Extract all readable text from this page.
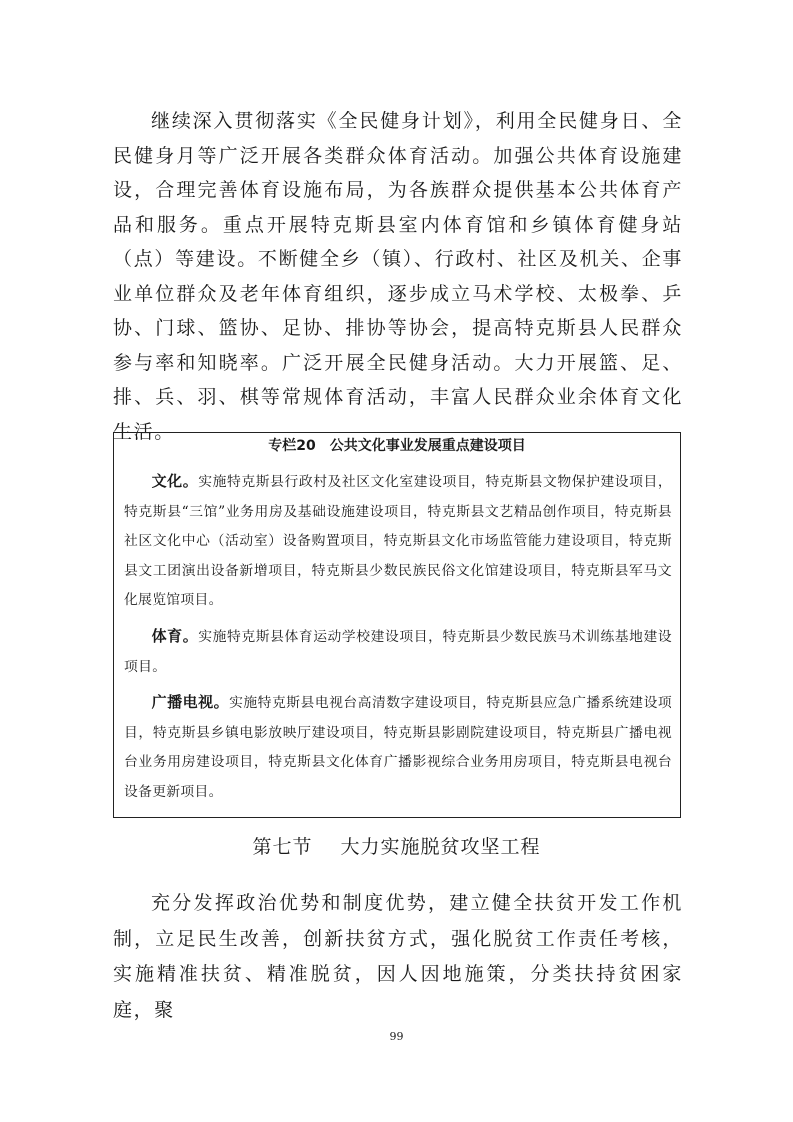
继续深入贯彻落实《全民健身计划》，利用全民健身日、全民健身月等广泛开展各类群众体育活动。加强公共体育设施建设，合理完善体育设施布局，为各族群众提供基本公共体育产品和服务。重点开展特克斯县室内体育馆和乡镇体育健身站（点）等建设。不断健全乡（镇）、行政村、社区及机关、企事业单位群众及老年体育组织，逐步成立马术学校、太极拳、乒协、门球、篮协、足协、排协等协会，提高特克斯县人民群众参与率和知晓率。广泛开展全民健身活动。大力开展篮、足、排、兵、羽、棋等常规体育活动，丰富人民群众业余体育文化生活。

专栏20　公共文化事业发展重点建设项目

文化。实施特克斯县行政村及社区文化室建设项目，特克斯县文物保护建设项目，特克斯县“三馆”业务用房及基础设施建设项目，特克斯县文艺精品创作项目，特克斯县社区文化中心（活动室）设备购置项目，特克斯县文化市场监管能力建设项目，特克斯县文工团演出设备新增项目，特克斯县少数民族民俗文化馆建设项目，特克斯县军马文化展览馆项目。

体育。实施特克斯县体育运动学校建设项目，特克斯县少数民族马术训练基地建设项目。

广播电视。实施特克斯县电视台高清数字建设项目，特克斯县应急广播系统建设项目，特克斯县乡镇电影放映厅建设项目，特克斯县影剧院建设项目，特克斯县广播电视台业务用房建设项目，特克斯县文化体育广播影视综合业务用房项目，特克斯县电视台设备更新项目。

第七节 大力实施脱贫攻坚工程

充分发挥政治优势和制度优势，建立健全扶贫开发工作机制，立足民生改善，创新扶贫方式，强化脱贫工作责任考核，实施精准扶贫、精准脱贫，因人因地施策，分类扶持贫困家庭，聚

99
